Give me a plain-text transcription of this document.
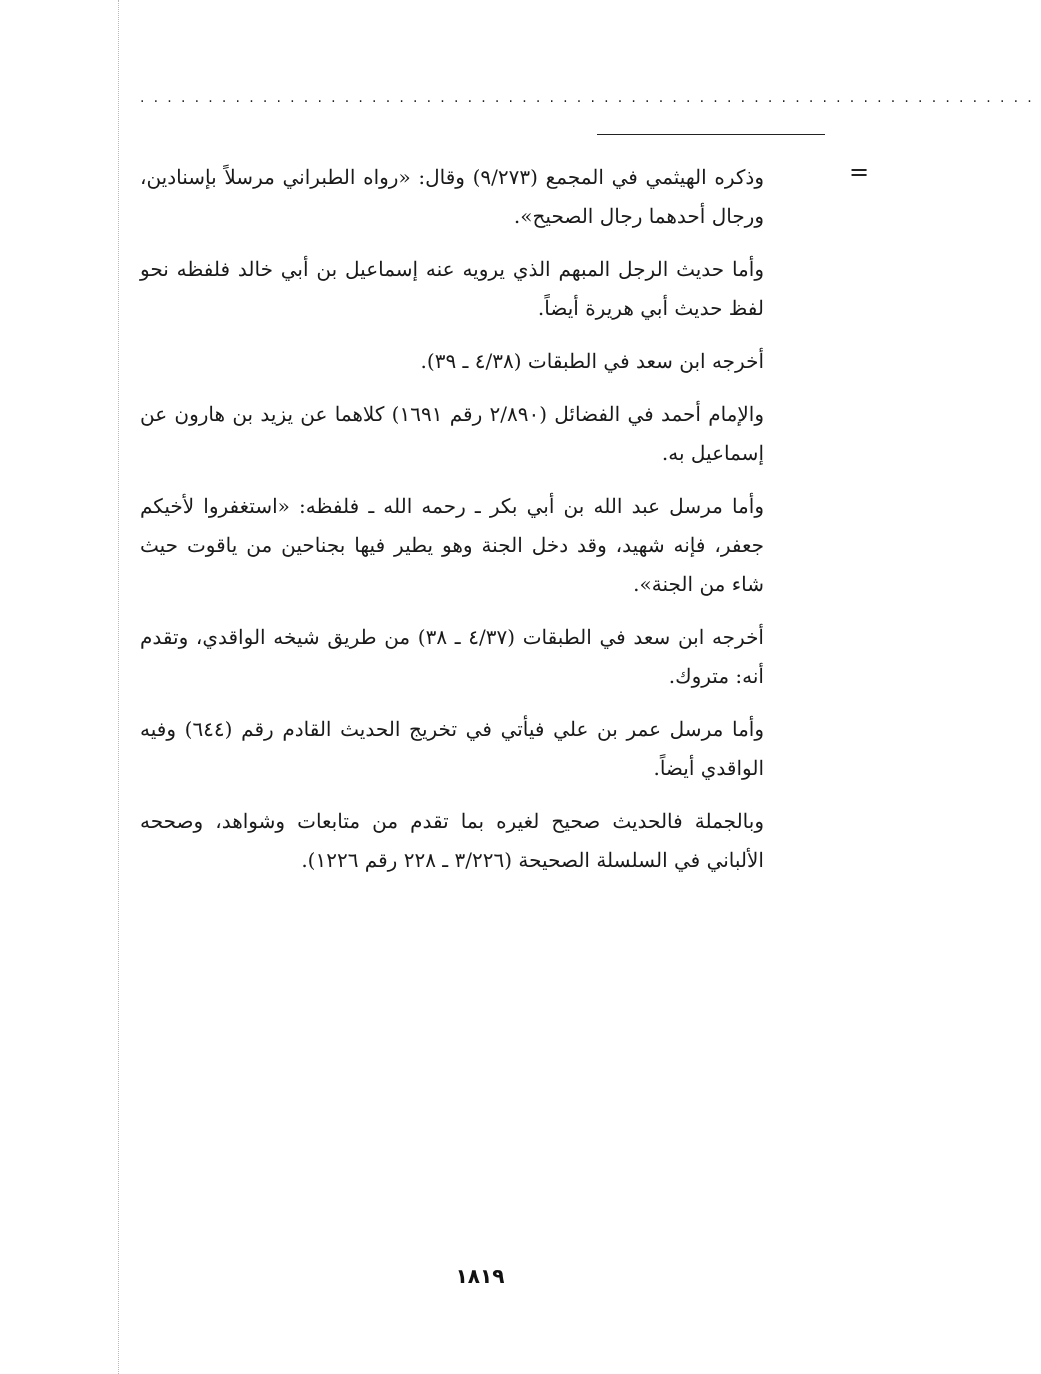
..................................................................
=

وذكره الهيثمي في المجمع (٩/٢٧٣) وقال: «رواه الطبراني مرسلاً بإسنادين، ورجال أحدهما رجال الصحيح».

وأما حديث الرجل المبهم الذي يرويه عنه إسماعيل بن أبي خالد فلفظه نحو لفظ حديث أبي هريرة أيضاً.

أخرجه ابن سعد في الطبقات (٤/٣٨ ـ ٣٩).

والإمام أحمد في الفضائل (٢/٨٩٠ رقم ١٦٩١) كلاهما عن يزيد بن هارون عن إسماعيل به.

وأما مرسل عبد الله بن أبي بكر ـ رحمه الله ـ فلفظه: «استغفروا لأخيكم جعفر، فإنه شهيد، وقد دخل الجنة وهو يطير فيها بجناحين من ياقوت حيث شاء من الجنة».

أخرجه ابن سعد في الطبقات (٤/٣٧ ـ ٣٨) من طريق شيخه الواقدي، وتقدم أنه: متروك.

وأما مرسل عمر بن علي فيأتي في تخريج الحديث القادم رقم (٦٤٤) وفيه الواقدي أيضاً.

وبالجملة فالحديث صحيح لغيره بما تقدم من متابعات وشواهد، وصححه الألباني في السلسلة الصحيحة (٣/٢٢٦ ـ ٢٢٨ رقم ١٢٢٦).

١٨١٩
